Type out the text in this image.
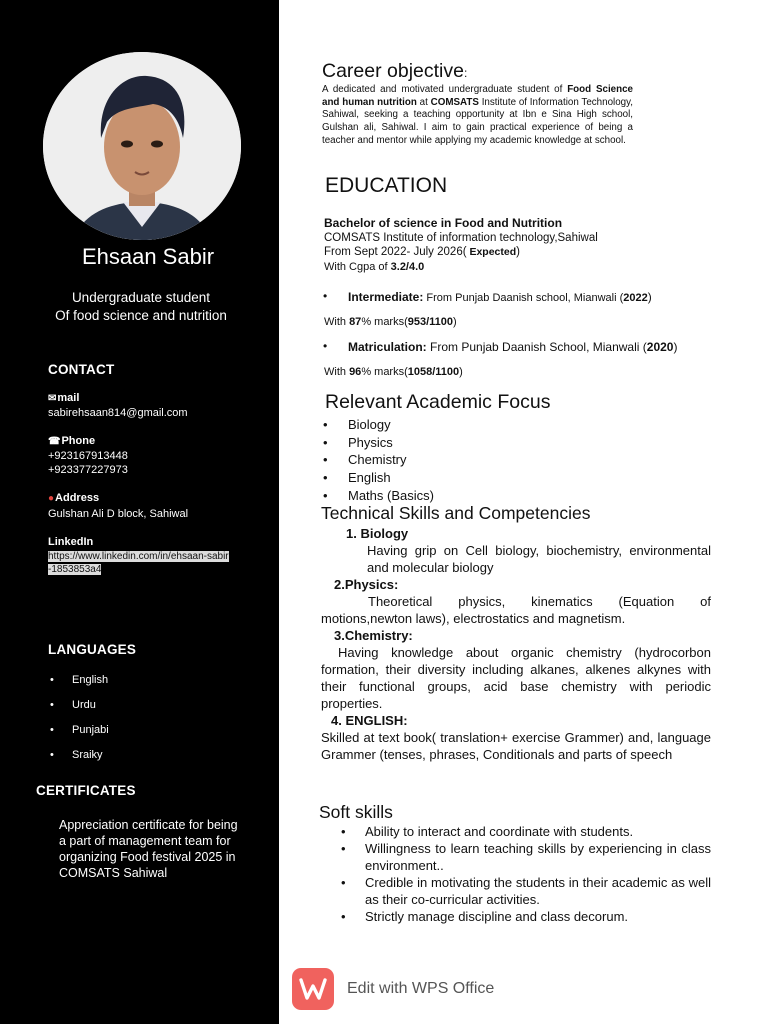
Ehsaan Sabir
Undergraduate student
Of food science and nutrition
CONTACT
✉mail
sabirehsaan814@gmail.com
☎Phone
+923167913448
+923377227973
●Address
Gulshan Ali D block, Sahiwal
LinkedIn
https://www.linkedin.com/in/ehsaan-sabir
-1853853a4
LANGUAGES
• English
• Urdu
• Punjabi
• Sraiky
CERTIFICATES
Appreciation certificate for being a part of management team for organizing Food festival 2025 in COMSATS Sahiwal
Career objective:
A dedicated and motivated undergraduate student of Food Science and human nutrition at COMSATS Institute of Information Technology, Sahiwal, seeking a teaching opportunity at Ibn e Sina High school, Gulshan ali, Sahiwal. I aim to gain practical experience of being a teacher and mentor while applying my academic knowledge at school.
EDUCATION
Bachelor of science in Food and Nutrition
COMSATS Institute of information technology,Sahiwal
From Sept 2022- July 2026( Expected)
With Cgpa of 3.2/4.0
• Intermediate: From Punjab Daanish school, Mianwali (2022)
With 87% marks(953/1100)
• Matriculation: From Punjab Daanish School, Mianwali (2020)
With 96% marks(1058/1100)
Relevant Academic Focus
• Biology
• Physics
• Chemistry
• English
• Maths (Basics)
Technical Skills and Competencies
1. Biology
Having grip on Cell biology, biochemistry, environmental and molecular biology
2.Physics:
Theoretical physics, kinematics (Equation of motions,newton laws), electrostatics and magnetism.
3.Chemistry:
Having knowledge about organic chemistry (hydrocorbon formation, their diversity including alkanes, alkenes alkynes with their functional groups, acid base chemistry with periodic properties.
4. ENGLISH:
Skilled at text book( translation+ exercise Grammer) and, language Grammer (tenses, phrases, Conditionals and parts of speech
Soft skills
• Ability to interact and coordinate with students.
• Willingness to learn teaching skills by experiencing in class environment..
• Credible in motivating the students in their academic as well as their co-curricular activities.
• Strictly manage discipline and class decorum.
Edit with WPS Office
